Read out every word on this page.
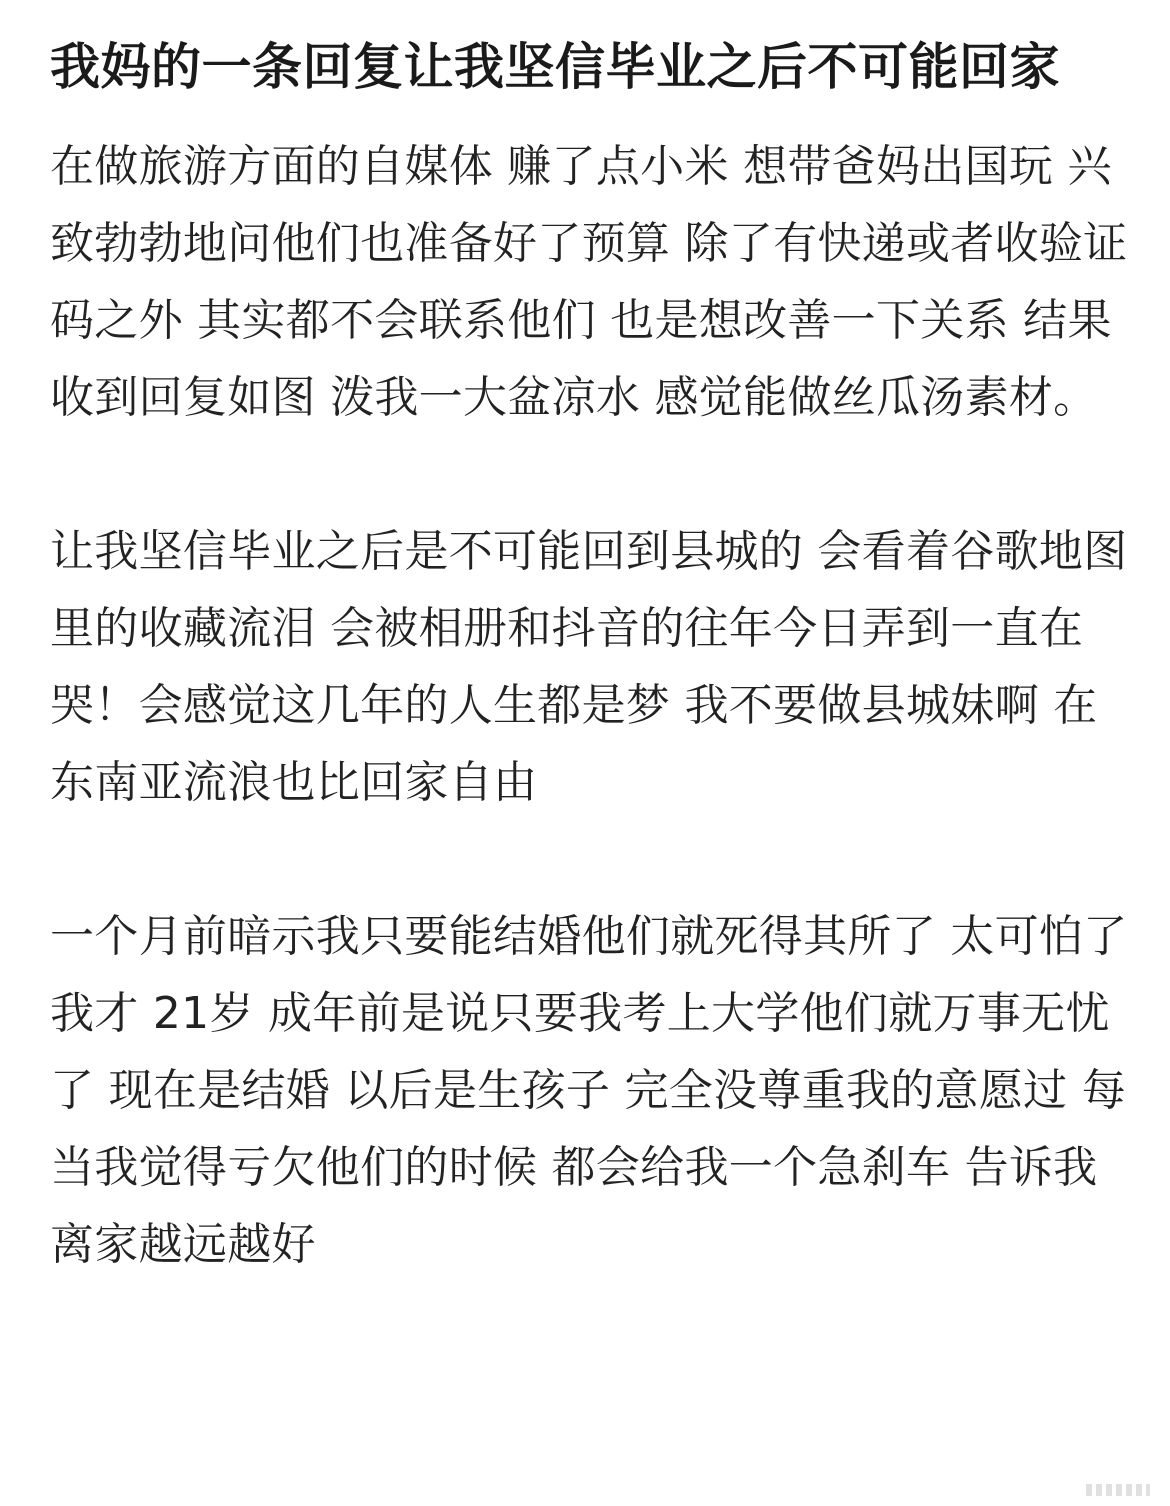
我妈的一条回复让我坚信毕业之后不可能回家

在做旅游方面的自媒体 赚了点小米 想带爸妈出国玩 兴致勃勃地问他们也准备好了预算 除了有快递或者收验证码之外 其实都不会联系他们 也是想改善一下关系 结果收到回复如图 泼我一大盆凉水 感觉能做丝瓜汤素材。

让我坚信毕业之后是不可能回到县城的 会看着谷歌地图里的收藏流泪 会被相册和抖音的往年今日弄到一直在哭！会感觉这几年的人生都是梦 我不要做县城妹啊 在东南亚流浪也比回家自由

一个月前暗示我只要能结婚他们就死得其所了 太可怕了 我才 21岁 成年前是说只要我考上大学他们就万事无忧了 现在是结婚 以后是生孩子 完全没尊重我的意愿过 每当我觉得亏欠他们的时候 都会给我一个急刹车 告诉我 离家越远越好
